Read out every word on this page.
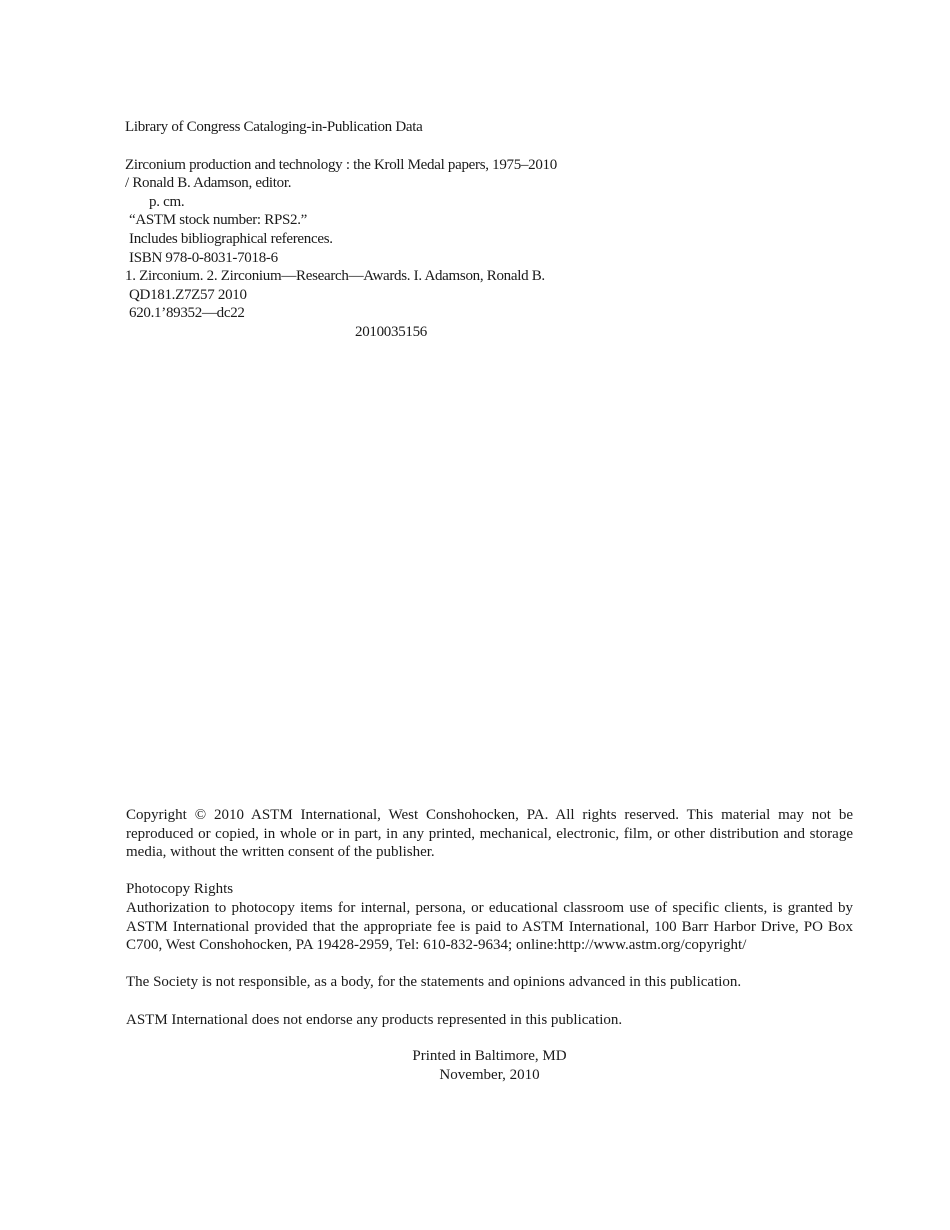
Library of Congress Cataloging-in-Publication Data
Zirconium production and technology : the Kroll Medal papers, 1975–2010
/ Ronald B. Adamson, editor.
p. cm.
“ASTM stock number: RPS2.”
Includes bibliographical references.
ISBN 978-0-8031-7018-6
1. Zirconium. 2. Zirconium—Research—Awards. I. Adamson, Ronald B.
QD181.Z7Z57 2010
620.1’89352—dc22
2010035156

Copyright © 2010 ASTM International, West Conshohocken, PA. All rights reserved. This material may not be reproduced or copied, in whole or in part, in any printed, mechanical, electronic, film, or other distribution and storage media, without the written consent of the publisher.

Photocopy Rights
Authorization to photocopy items for internal, persona, or educational classroom use of specific clients, is granted by ASTM International provided that the appropriate fee is paid to ASTM International, 100 Barr Harbor Drive, PO Box C700, West Conshohocken, PA 19428-2959, Tel: 610-832-9634; online:http://www.astm.org/copyright/

The Society is not responsible, as a body, for the statements and opinions advanced in this publication.

ASTM International does not endorse any products represented in this publication.

Printed in Baltimore, MD
November, 2010
